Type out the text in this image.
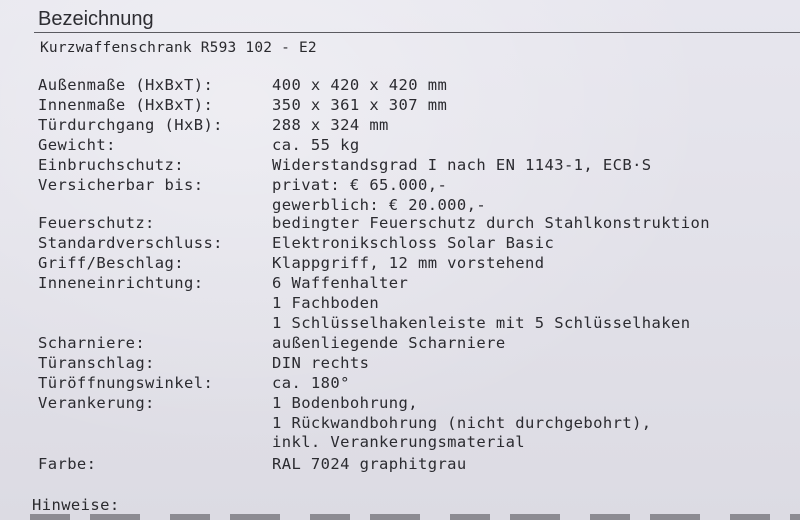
Bezeichnung
Kurzwaffenschrank R593 102 - E2
Außenmaße (HxBxT):	400 x 420 x 420 mm
Innenmaße (HxBxT):	350 x 361 x 307 mm
Türdurchgang (HxB):	288 x 324 mm
Gewicht:	ca. 55 kg
Einbruchschutz:	Widerstandsgrad I nach EN 1143-1, ECB·S
Versicherbar bis:	privat: € 65.000,-
gewerblich: € 20.000,-
Feuerschutz:	bedingter Feuerschutz durch Stahlkonstruktion
Standardverschluss:	Elektronikschloss Solar Basic
Griff/Beschlag:	Klappgriff, 12 mm vorstehend
Inneneinrichtung:	6 Waffenhalter
1 Fachboden
1 Schlüsselhakenleiste mit 5 Schlüsselhaken
Scharniere:	außenliegende Scharniere
Türanschlag:	DIN rechts
Türöffnungswinkel:	ca. 180°
Verankerung:	1 Bodenbohrung,
1 Rückwandbohrung (nicht durchgebohrt),
inkl. Verankerungsmaterial
Farbe:	RAL 7024 graphitgrau
Hinweise:
